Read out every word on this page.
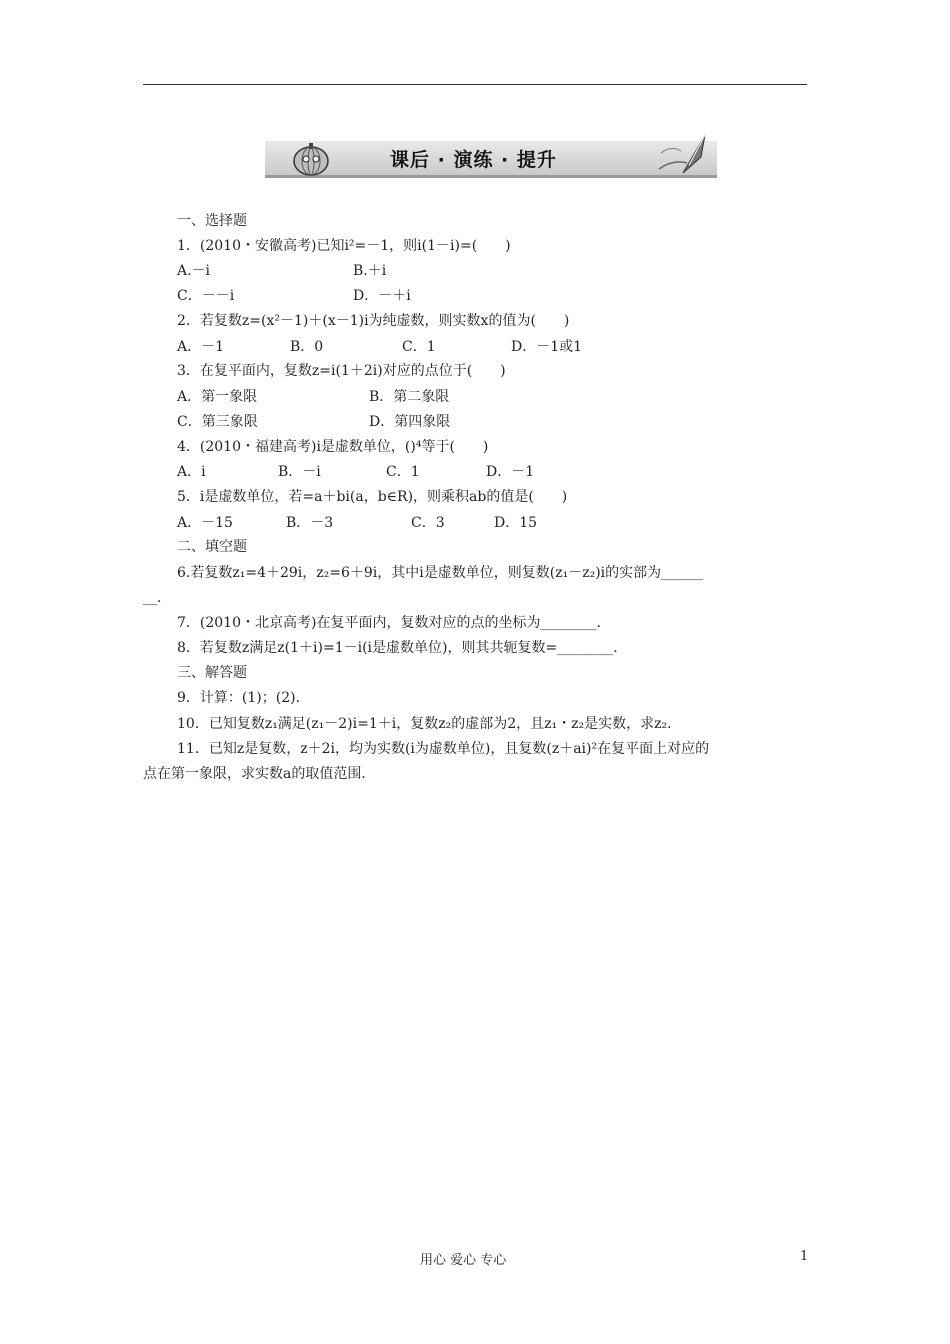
课后 · 演练 · 提升
一、选择题
1．(2010・安徽高考)已知i²=－1，则i(1－i)=(　　)
A.－i	B.＋i
C．－－i	D．－＋i
2．若复数z=(x²－1)＋(x－1)i为纯虚数，则实数x的值为(　　)
A．－1	B．0	C．1	D．－1或1
3．在复平面内，复数z=i(1＋2i)对应的点位于(　　)
A．第一象限	B．第二象限
C．第三象限	D．第四象限
4．(2010・福建高考)i是虚数单位，()⁴等于(　　)
A．i	B．－i	C．1	D．－1
5．i是虚数单位，若=a＋bi(a，b∈R)，则乘积ab的值是(　　)
A．－15	B．－3	C．3	D．15
二、填空题
6.若复数z₁=4＋29i，z₂=6＋9i，其中i是虚数单位，则复数(z₁－z₂)i的实部为______
__.
7．(2010・北京高考)在复平面内，复数对应的点的坐标为________．
8．若复数z满足z(1＋i)=1－i(i是虚数单位)，则其共轭复数=________．
三、解答题
9．计算：(1)；(2)．
10．已知复数z₁满足(z₁－2)i=1＋i，复数z₂的虚部为2，且z₁・z₂是实数，求z₂．
11．已知z是复数，z＋2i，均为实数(i为虚数单位)，且复数(z＋ai)²在复平面上对应的
点在第一象限，求实数a的取值范围．
用心 爱心 专心	1
